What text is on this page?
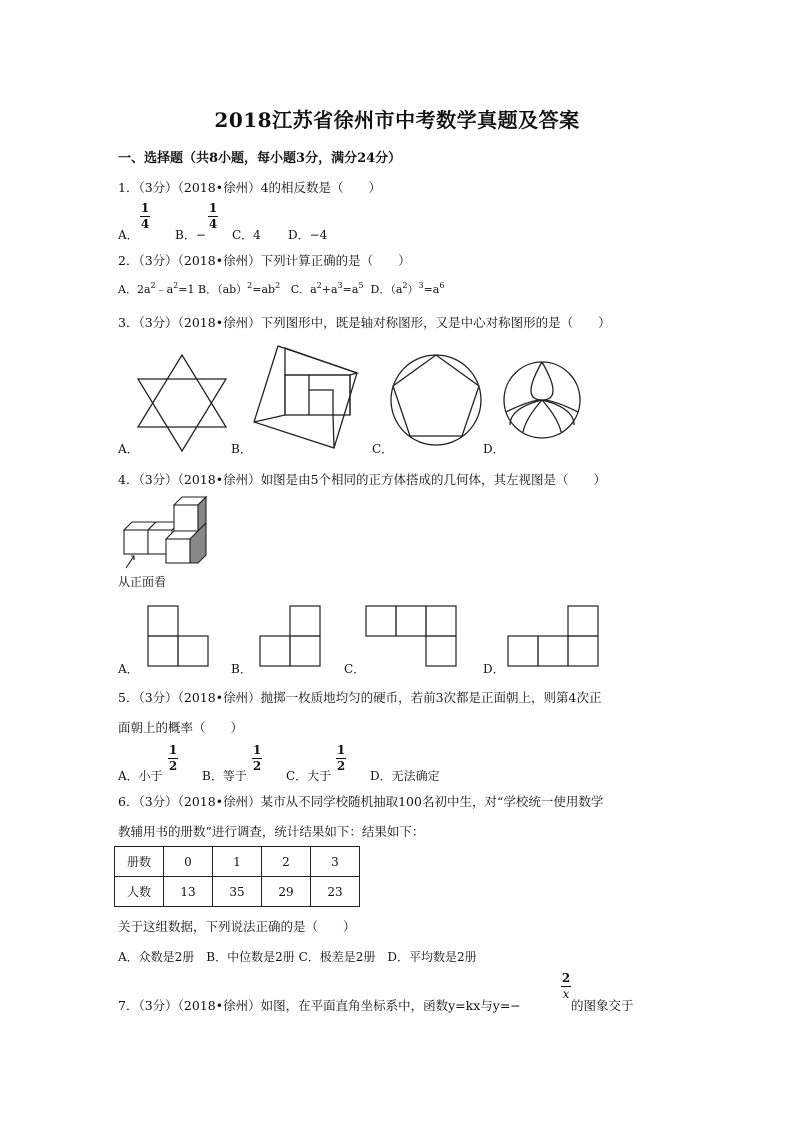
2018江苏省徐州市中考数学真题及答案
一、选择题（共8小题，每小题3分，满分24分）
1．（3分）（2018•徐州）4的相反数是（　　）
A．
1
4
B．−
1
4
C．4 D．−4
2．（3分）（2018•徐州）下列计算正确的是（　　）
A．$2a^2﹣a^2=1$ B．$(ab)^2=ab^2$ C．$a^2+a^3=a^5$ D．$(a^2)^3=a^6$
3．（3分）（2018•徐州）下列图形中，既是轴对称图形，又是中心对称图形的是（　　）
A．	B．	C．	D．
4．（3分）（2018•徐州）如图是由5个相同的正方体搭成的几何体，其左视图是（　　）
从正面看
A．	B．	C．	D．
5．（3分）（2018•徐州）抛掷一枚质地均匀的硬币，若前3次都是正面朝上，则第4次正
面朝上的概率（　　）
A．小于
1
2
B．等于
1
2
C．大于
1
2
D．无法确定
6．（3分）（2018•徐州）某市从不同学校随机抽取100名初中生，对“学校统一使用数学
教辅用书的册数”进行调查，统计结果如下：结果如下：
册数	0	1	2	3
人数	13	35	29	23
关于这组数据，下列说法正确的是（　　）
A．众数是2册　B．中位数是2册 C．极差是2册　D．平均数是2册
7．（3分）（2018•徐州）如图，在平面直角坐标系中，函数y=kx与y=−
2
x
的图象交于
